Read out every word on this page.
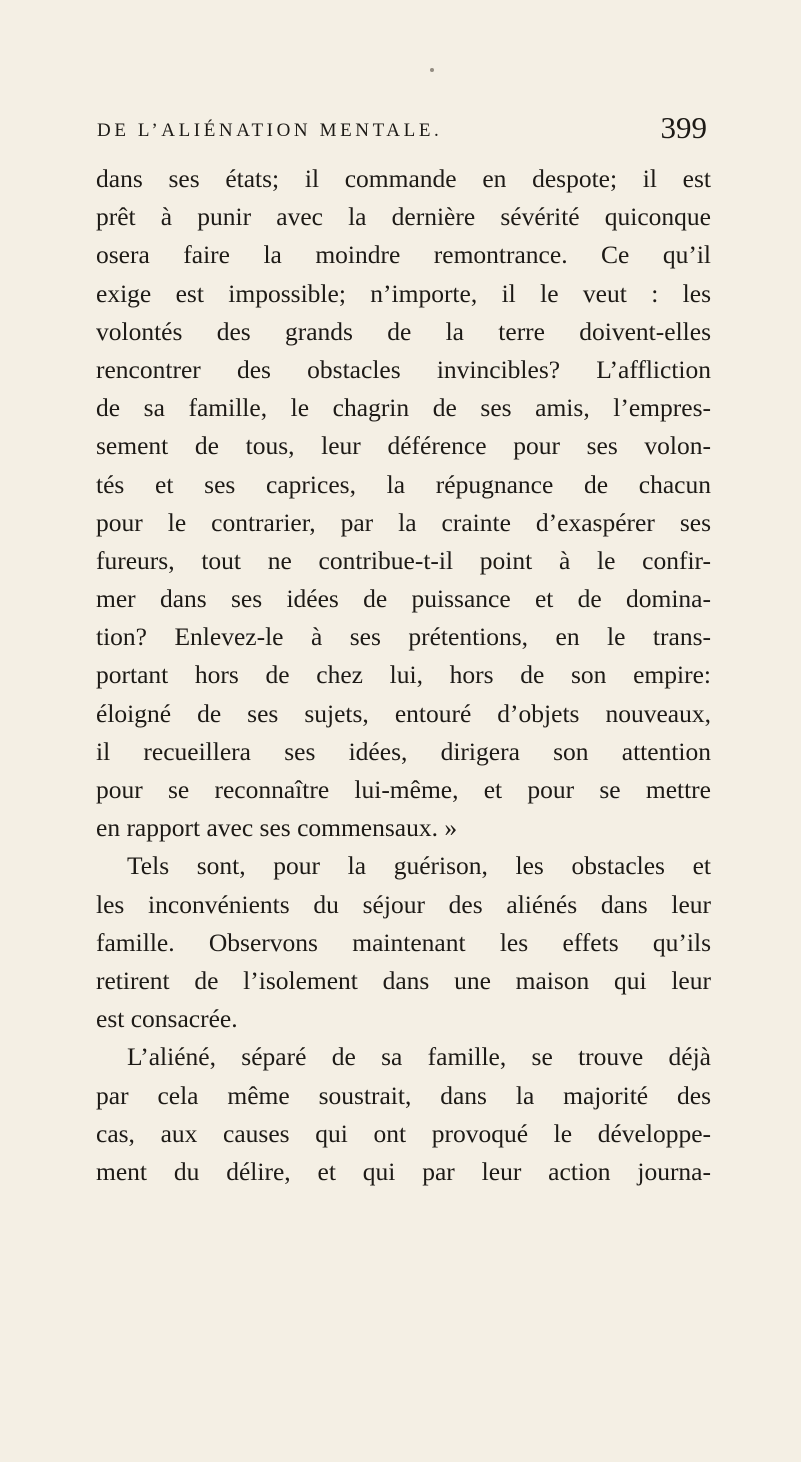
DE L’ALIÉNATION MENTALE.	399
dans ses états; il commande en despote; il est
prêt à punir avec la dernière sévérité quiconque
osera faire la moindre remontrance. Ce qu’il
exige est impossible; n’importe, il le veut : les
volontés des grands de la terre doivent-elles
rencontrer des obstacles invincibles? L’affliction
de sa famille, le chagrin de ses amis, l’empres-
sement de tous, leur déférence pour ses volon-
tés et ses caprices, la répugnance de chacun
pour le contrarier, par la crainte d’exaspérer ses
fureurs, tout ne contribue-t-il point à le confir-
mer dans ses idées de puissance et de domina-
tion? Enlevez-le à ses prétentions, en le trans-
portant hors de chez lui, hors de son empire:
éloigné de ses sujets, entouré d’objets nouveaux,
il recueillera ses idées, dirigera son attention
pour se reconnaître lui-même, et pour se mettre
en rapport avec ses commensaux. »
Tels sont, pour la guérison, les obstacles et
les inconvénients du séjour des aliénés dans leur
famille. Observons maintenant les effets qu’ils
retirent de l’isolement dans une maison qui leur
est consacrée.
L’aliéné, séparé de sa famille, se trouve déjà
par cela même soustrait, dans la majorité des
cas, aux causes qui ont provoqué le développe-
ment du délire, et qui par leur action journa-
